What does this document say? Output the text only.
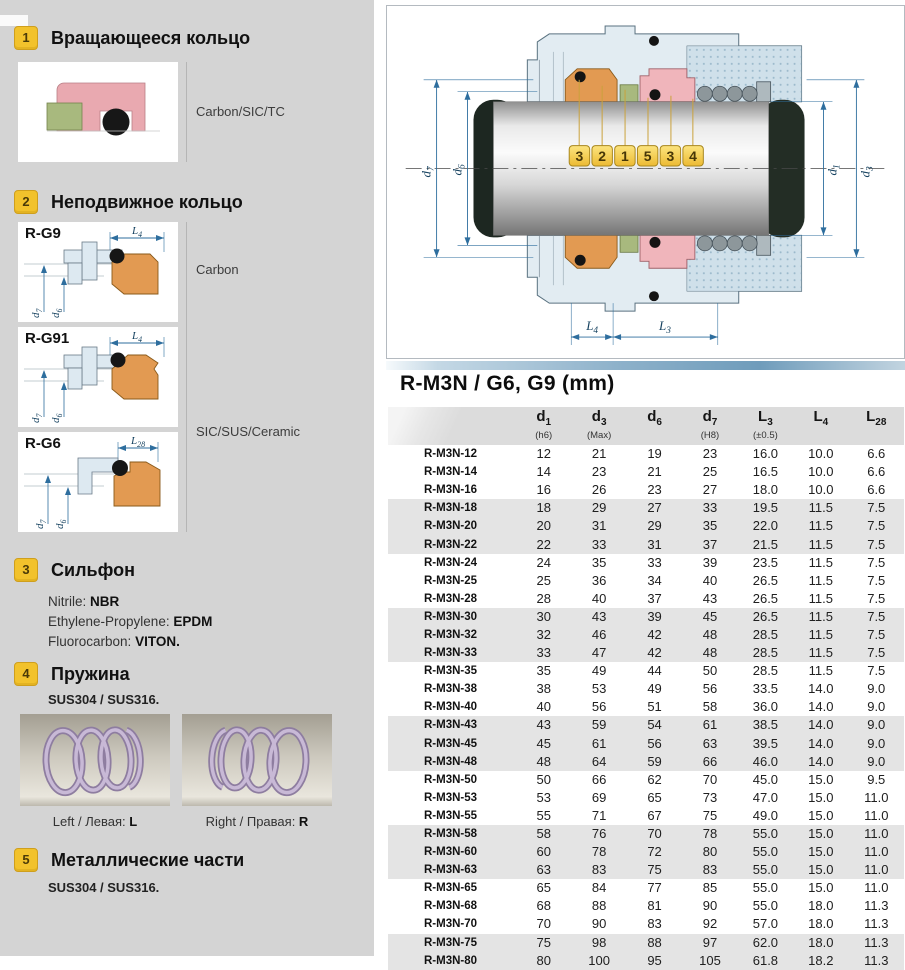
1	Вращающееся кольцо
Carbon/SIC/TC
2	Неподвижное кольцо
R-G9	$L_4$
$d_7$
$d_6$
R-G91	$L_4$
$d_7$
$d_6$
R-G6	$L_{28}$
$d_7$
$d_6$
Carbon
SIC/SUS/Ceramic
3	Сильфон
Nitrile: NBR
Ethylene-Propylene: EPDM
Fluorocarbon: VITON.
4	Пружина
SUS304 / SUS316.
Left / Левая: L	Right / Правая: R
5	Металлические части
SUS304 / SUS316.
3 2 1 5 3 4
$d_7$
$d_6$
$d_1$
$d_3$
$L_4$	$L_3$
R-M3N / G6, G9 (mm)

$d_1$
(h6)

$d_3$
(Max)

$d_6$	$d_7$
(H8)

$L_3$
(±0.5)

$L_4$	$L_{28}$

R-M3N-12	12	21	19	23	16.0	10.0	6.6
R-M3N-14	14	23	21	25	16.5	10.0	6.6
R-M3N-16	16	26	23	27	18.0	10.0	6.6
R-M3N-18	18	29	27	33	19.5	11.5	7.5
R-M3N-20	20	31	29	35	22.0	11.5	7.5
R-M3N-22	22	33	31	37	21.5	11.5	7.5
R-M3N-24	24	35	33	39	23.5	11.5	7.5
R-M3N-25	25	36	34	40	26.5	11.5	7.5
R-M3N-28	28	40	37	43	26.5	11.5	7.5
R-M3N-30	30	43	39	45	26.5	11.5	7.5
R-M3N-32	32	46	42	48	28.5	11.5	7.5
R-M3N-33	33	47	42	48	28.5	11.5	7.5
R-M3N-35	35	49	44	50	28.5	11.5	7.5
R-M3N-38	38	53	49	56	33.5	14.0	9.0
R-M3N-40	40	56	51	58	36.0	14.0	9.0
R-M3N-43	43	59	54	61	38.5	14.0	9.0
R-M3N-45	45	61	56	63	39.5	14.0	9.0
R-M3N-48	48	64	59	66	46.0	14.0	9.0
R-M3N-50	50	66	62	70	45.0	15.0	9.5
R-M3N-53	53	69	65	73	47.0	15.0	11.0
R-M3N-55	55	71	67	75	49.0	15.0	11.0
R-M3N-58	58	76	70	78	55.0	15.0	11.0
R-M3N-60	60	78	72	80	55.0	15.0	11.0
R-M3N-63	63	83	75	83	55.0	15.0	11.0
R-M3N-65	65	84	77	85	55.0	15.0	11.0
R-M3N-68	68	88	81	90	55.0	18.0	11.3
R-M3N-70	70	90	83	92	57.0	18.0	11.3
R-M3N-75	75	98	88	97	62.0	18.0	11.3
R-M3N-80	80	100	95	105	61.8	18.2	11.3
